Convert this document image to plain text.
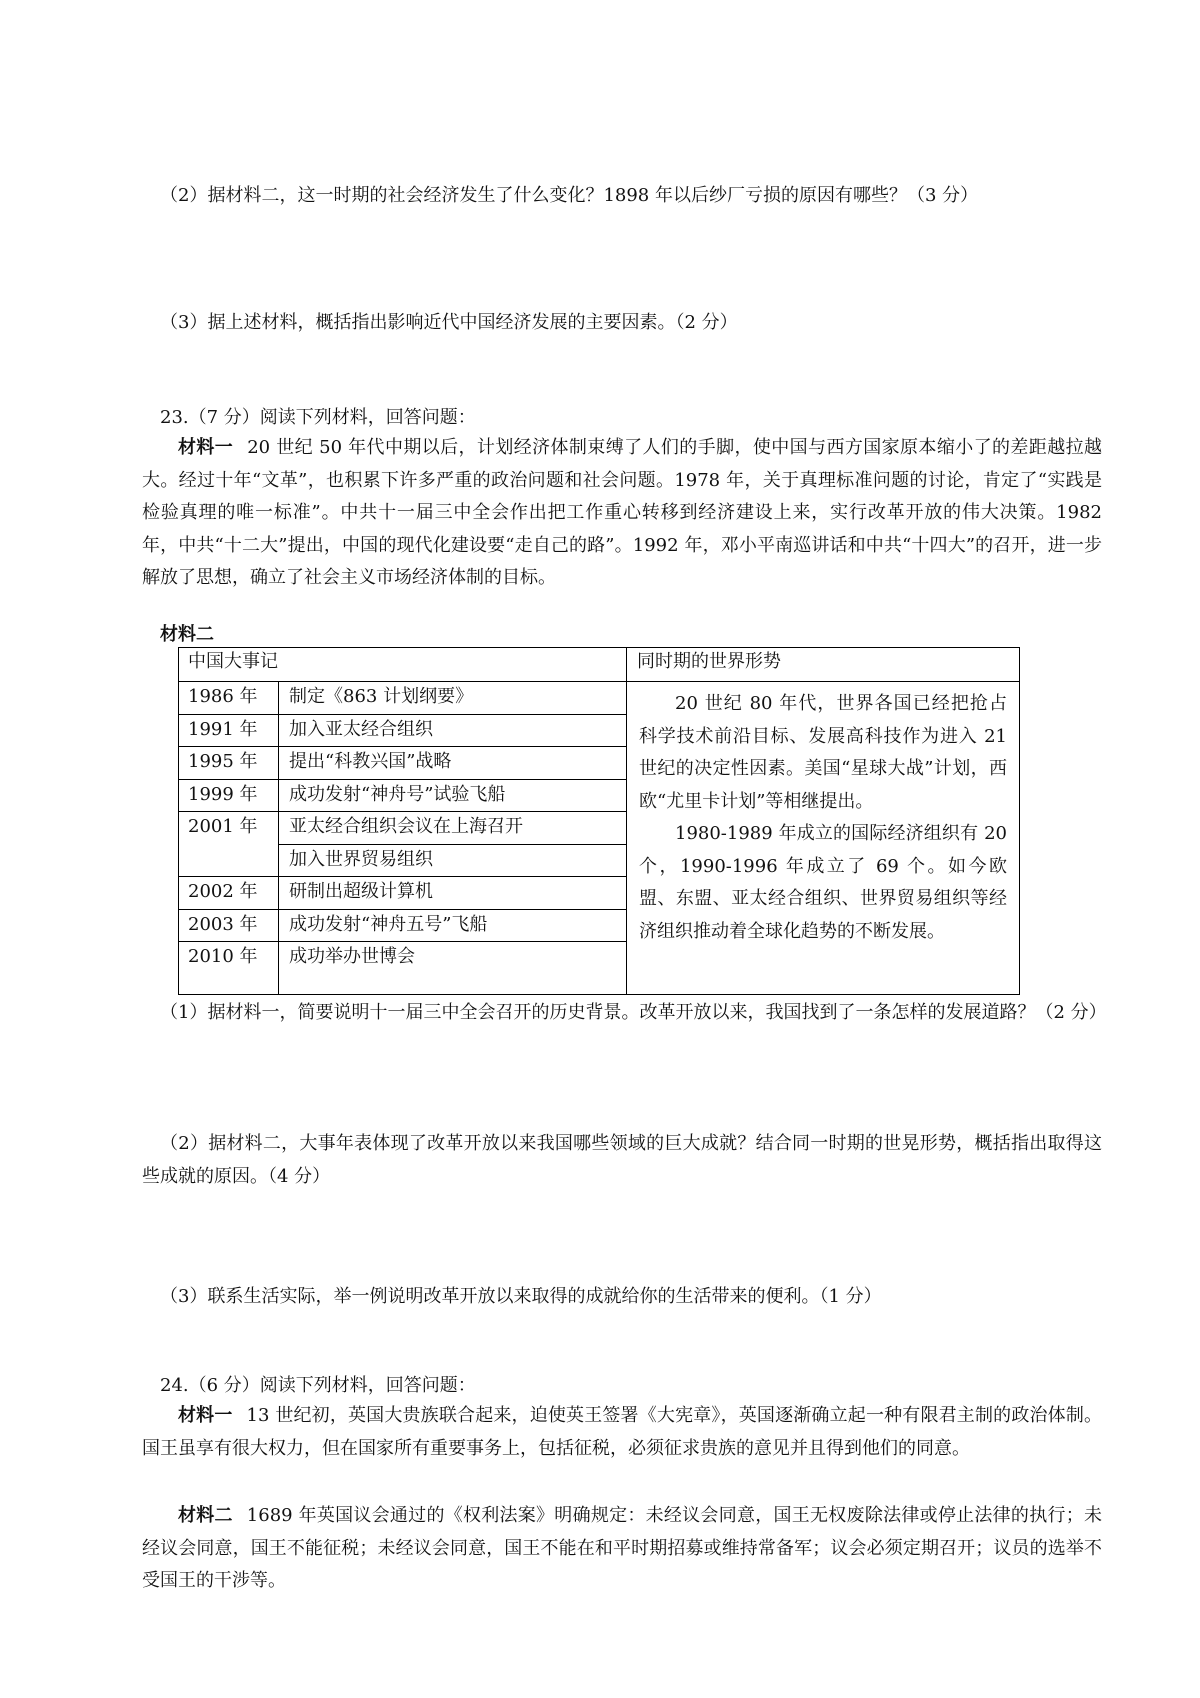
（2）据材料二，这一时期的社会经济发生了什么变化？1898 年以后纱厂亏损的原因有哪些？（3 分）
（3）据上述材料，概括指出影响近代中国经济发展的主要因素。（2 分）
23.（7 分）阅读下列材料，回答问题：
材料一 20 世纪 50 年代中期以后，计划经济体制束缚了人们的手脚，使中国与西方国家原本缩小了的差距越拉越大。经过十年“文革”，也积累下许多严重的政治问题和社会问题。1978 年，关于真理标准问题的讨论，肯定了“实践是检验真理的唯一标准”。中共十一届三中全会作出把工作重心转移到经济建设上来，实行改革开放的伟大决策。1982 年，中共“十二大”提出，中国的现代化建设要“走自己的路”。1992 年，邓小平南巡讲话和中共“十四大”的召开，进一步解放了思想，确立了社会主义市场经济体制的目标。
材料二
中国大事记	同时期的世界形势
1986 年	制定《863 计划纲要》
1991 年	加入亚太经合组织
1995 年	提出“科教兴国”战略
1999 年	成功发射“神舟号”试验飞船
2001 年	亚太经合组织会议在上海召开
加入世界贸易组织
2002 年	研制出超级计算机
2003 年	成功发射“神舟五号”飞船
2010 年	成功举办世博会

20 世纪 80 年代，世界各国已经把抢占科学技术前沿目标、发展高科技作为进入 21 世纪的决定性因素。美国“星球大战”计划，西欧“尤里卡计划”等相继提出。

1980-1989 年成立的国际经济组织有 20 个，1990-1996 年成立了 69 个。如今欧盟、东盟、亚太经合组织、世界贸易组织等经济组织推动着全球化趋势的不断发展。

（1）据材料一，简要说明十一届三中全会召开的历史背景。改革开放以来，我国找到了一条怎样的发展道路？（2 分）
（2）据材料二，大事年表体现了改革开放以来我国哪些领域的巨大成就？结合同一时期的世晃形势，概括指出取得这些成就的原因。（4 分）
（3）联系生活实际，举一例说明改革开放以来取得的成就给你的生活带来的便利。（1 分）
24.（6 分）阅读下列材料，回答问题：
材料一 13 世纪初，英国大贵族联合起来，迫使英王签署《大宪章》，英国逐渐确立起一种有限君主制的政治体制。国王虽享有很大权力，但在国家所有重要事务上，包括征税，必须征求贵族的意见并且得到他们的同意。
材料二 1689 年英国议会通过的《权利法案》明确规定：未经议会同意，国王无权废除法律或停止法律的执行；未经议会同意，国王不能征税；未经议会同意，国王不能在和平时期招募或维持常备军；议会必须定期召开；议员的选举不受国王的干涉等。
